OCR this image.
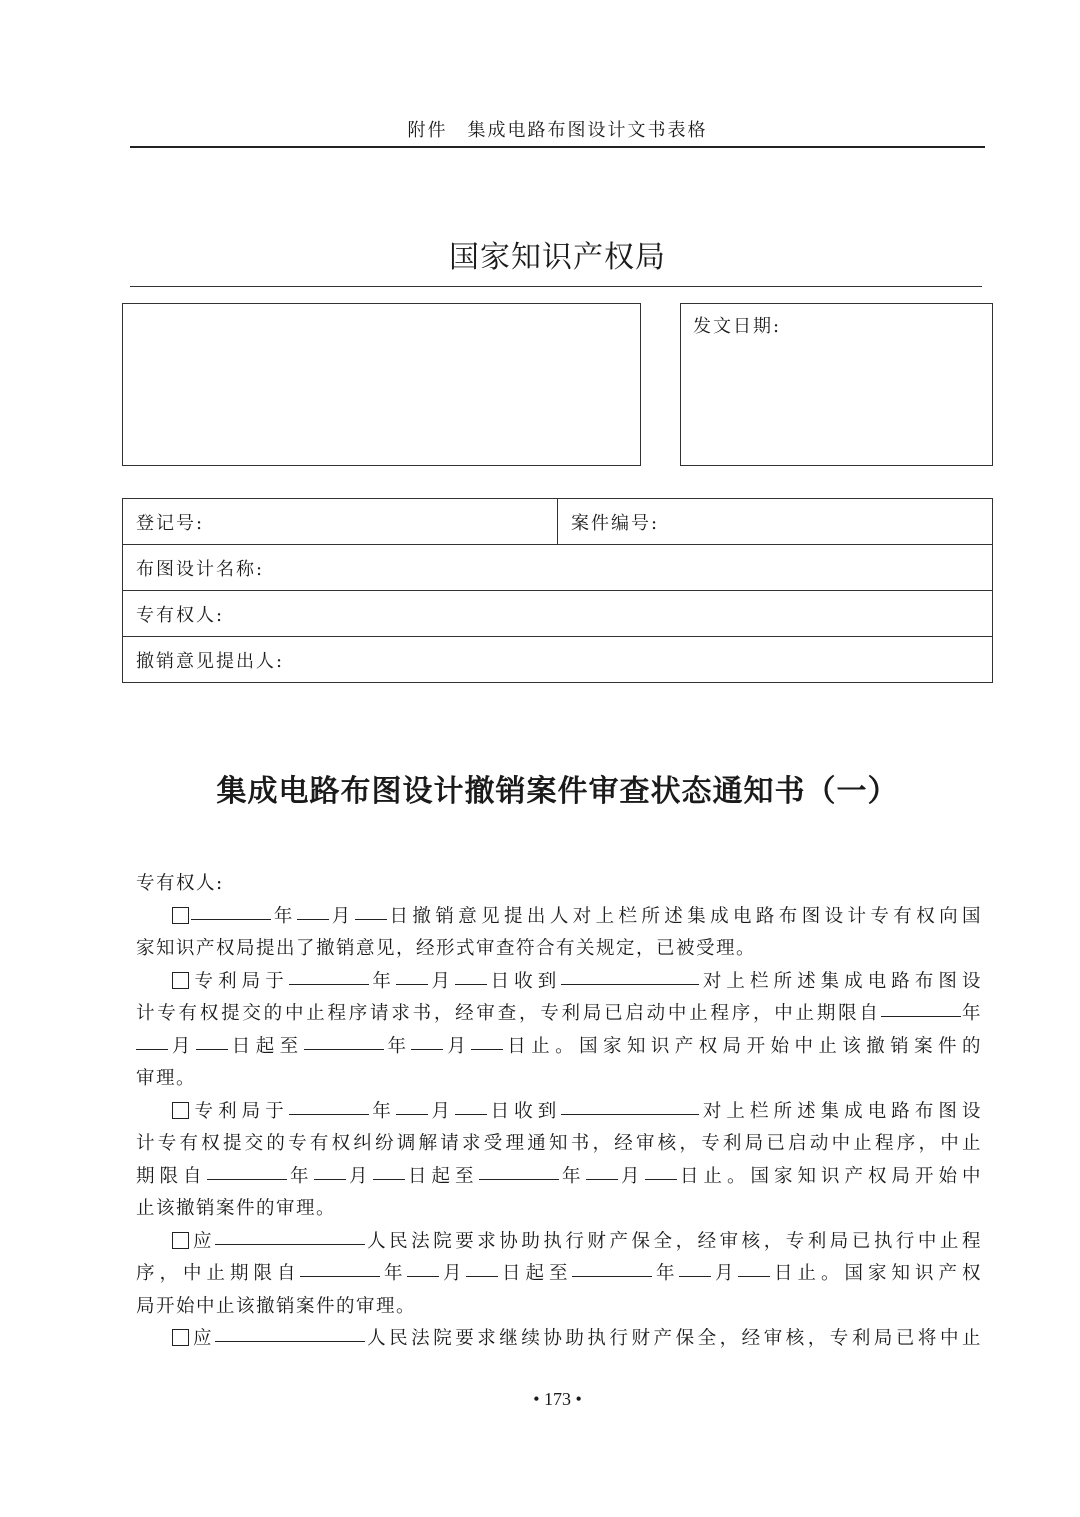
附件　集成电路布图设计文书表格
国家知识产权局
发文日期:
登记号:	案件编号:
布图设计名称:
专有权人:
撤销意见提出人:
集成电路布图设计撤销案件审查状态通知书（一）
专有权人:
年 月 日撤销意见提出人对上栏所述集成电路布图设计专有权向国
家知识产权局提出了撤销意见，经形式审查符合有关规定，已被受理。
专利局于	年 月 日收到	对上栏所述集成电路布图设
计专有权提交的中止程序请求书，经审查，专利局已启动中止程序，中止期限自	年
月 日起至	年 月 日止。国家知识产权局开始中止该撤销案件的
审理。
专利局于	年 月 日收到	对上栏所述集成电路布图设
计专有权提交的专有权纠纷调解请求受理通知书，经审核，专利局已启动中止程序，中止
期限自	年 月 日起至	年 月 日止。国家知识产权局开始中
止该撤销案件的审理。
应	人民法院要求协助执行财产保全，经审核，专利局已执行中止程
序，中止期限自	年 月 日起至	年 月 日止。国家知识产权
局开始中止该撤销案件的审理。
应	人民法院要求继续协助执行财产保全，经审核，专利局已将中止
• 173 •
